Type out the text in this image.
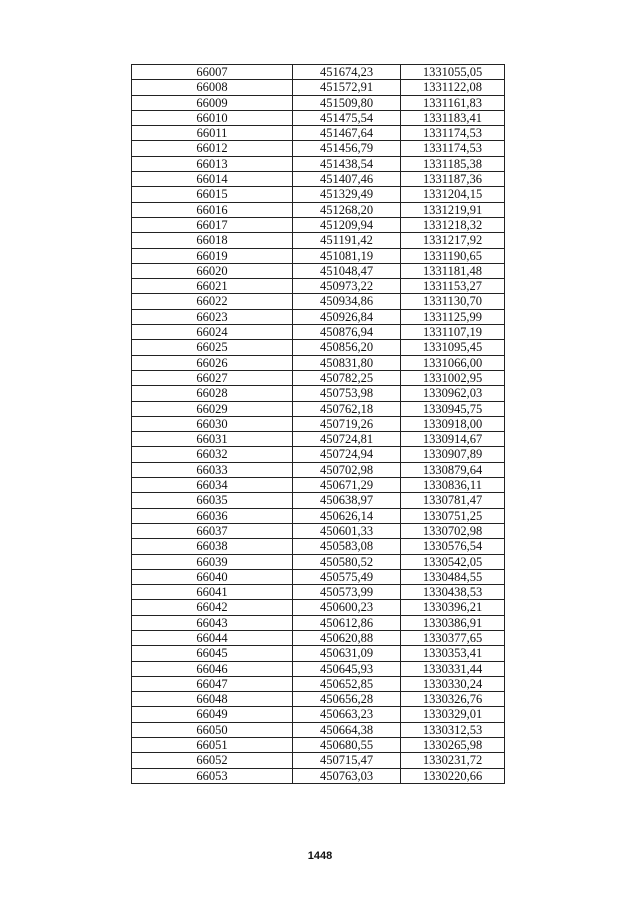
66007	451674,23	1331055,05
66008	451572,91	1331122,08
66009	451509,80	1331161,83
66010	451475,54	1331183,41
66011	451467,64	1331174,53
66012	451456,79	1331174,53
66013	451438,54	1331185,38
66014	451407,46	1331187,36
66015	451329,49	1331204,15
66016	451268,20	1331219,91
66017	451209,94	1331218,32
66018	451191,42	1331217,92
66019	451081,19	1331190,65
66020	451048,47	1331181,48
66021	450973,22	1331153,27
66022	450934,86	1331130,70
66023	450926,84	1331125,99
66024	450876,94	1331107,19
66025	450856,20	1331095,45
66026	450831,80	1331066,00
66027	450782,25	1331002,95
66028	450753,98	1330962,03
66029	450762,18	1330945,75
66030	450719,26	1330918,00
66031	450724,81	1330914,67
66032	450724,94	1330907,89
66033	450702,98	1330879,64
66034	450671,29	1330836,11
66035	450638,97	1330781,47
66036	450626,14	1330751,25
66037	450601,33	1330702,98
66038	450583,08	1330576,54
66039	450580,52	1330542,05
66040	450575,49	1330484,55
66041	450573,99	1330438,53
66042	450600,23	1330396,21
66043	450612,86	1330386,91
66044	450620,88	1330377,65
66045	450631,09	1330353,41
66046	450645,93	1330331,44
66047	450652,85	1330330,24
66048	450656,28	1330326,76
66049	450663,23	1330329,01
66050	450664,38	1330312,53
66051	450680,55	1330265,98
66052	450715,47	1330231,72
66053	450763,03	1330220,66
1448
